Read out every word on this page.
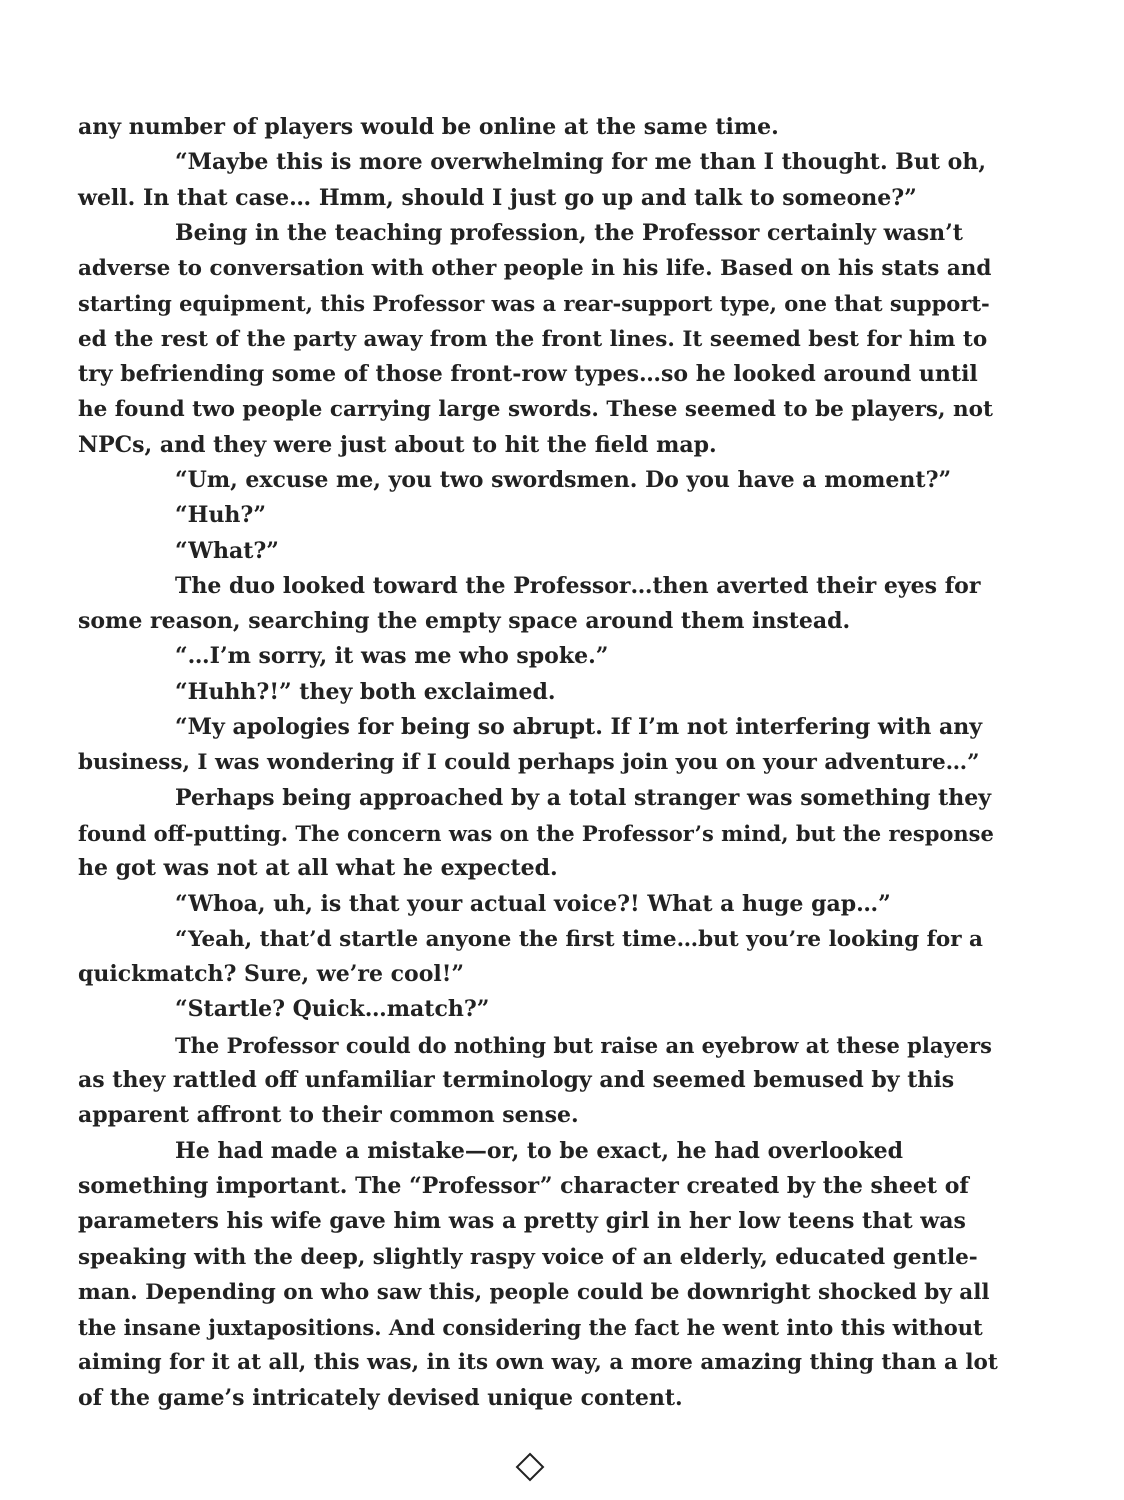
any number of players would be online at the same time.
“Maybe this is more overwhelming for me than I thought. But oh,
well. In that case… Hmm, should I just go up and talk to someone?”
Being in the teaching profession, the Professor certainly wasn’t
adverse to conversation with other people in his life. Based on his stats and
starting equipment, this Professor was a rear-support type, one that support-
ed the rest of the party away from the front lines. It seemed best for him to
try befriending some of those front-row types…so he looked around until
he found two people carrying large swords. These seemed to be players, not
NPCs, and they were just about to hit the field map.
“Um, excuse me, you two swordsmen. Do you have a moment?”
“Huh?”
“What?”
The duo looked toward the Professor…then averted their eyes for
some reason, searching the empty space around them instead.
“…I’m sorry, it was me who spoke.”
“Huhh?!” they both exclaimed.
“My apologies for being so abrupt. If I’m not interfering with any
business, I was wondering if I could perhaps join you on your adventure…”
Perhaps being approached by a total stranger was something they
found off-putting. The concern was on the Professor’s mind, but the response
he got was not at all what he expected.
“Whoa, uh, is that your actual voice?! What a huge gap…”
“Yeah, that’d startle anyone the first time…but you’re looking for a
quickmatch? Sure, we’re cool!”
“Startle? Quick…match?”
The Professor could do nothing but raise an eyebrow at these players
as they rattled off unfamiliar terminology and seemed bemused by this
apparent affront to their common sense.
He had made a mistake—or, to be exact, he had overlooked
something important. The “Professor” character created by the sheet of
parameters his wife gave him was a pretty girl in her low teens that was
speaking with the deep, slightly raspy voice of an elderly, educated gentle-
man. Depending on who saw this, people could be downright shocked by all
the insane juxtapositions. And considering the fact he went into this without
aiming for it at all, this was, in its own way, a more amazing thing than a lot
of the game’s intricately devised unique content.
